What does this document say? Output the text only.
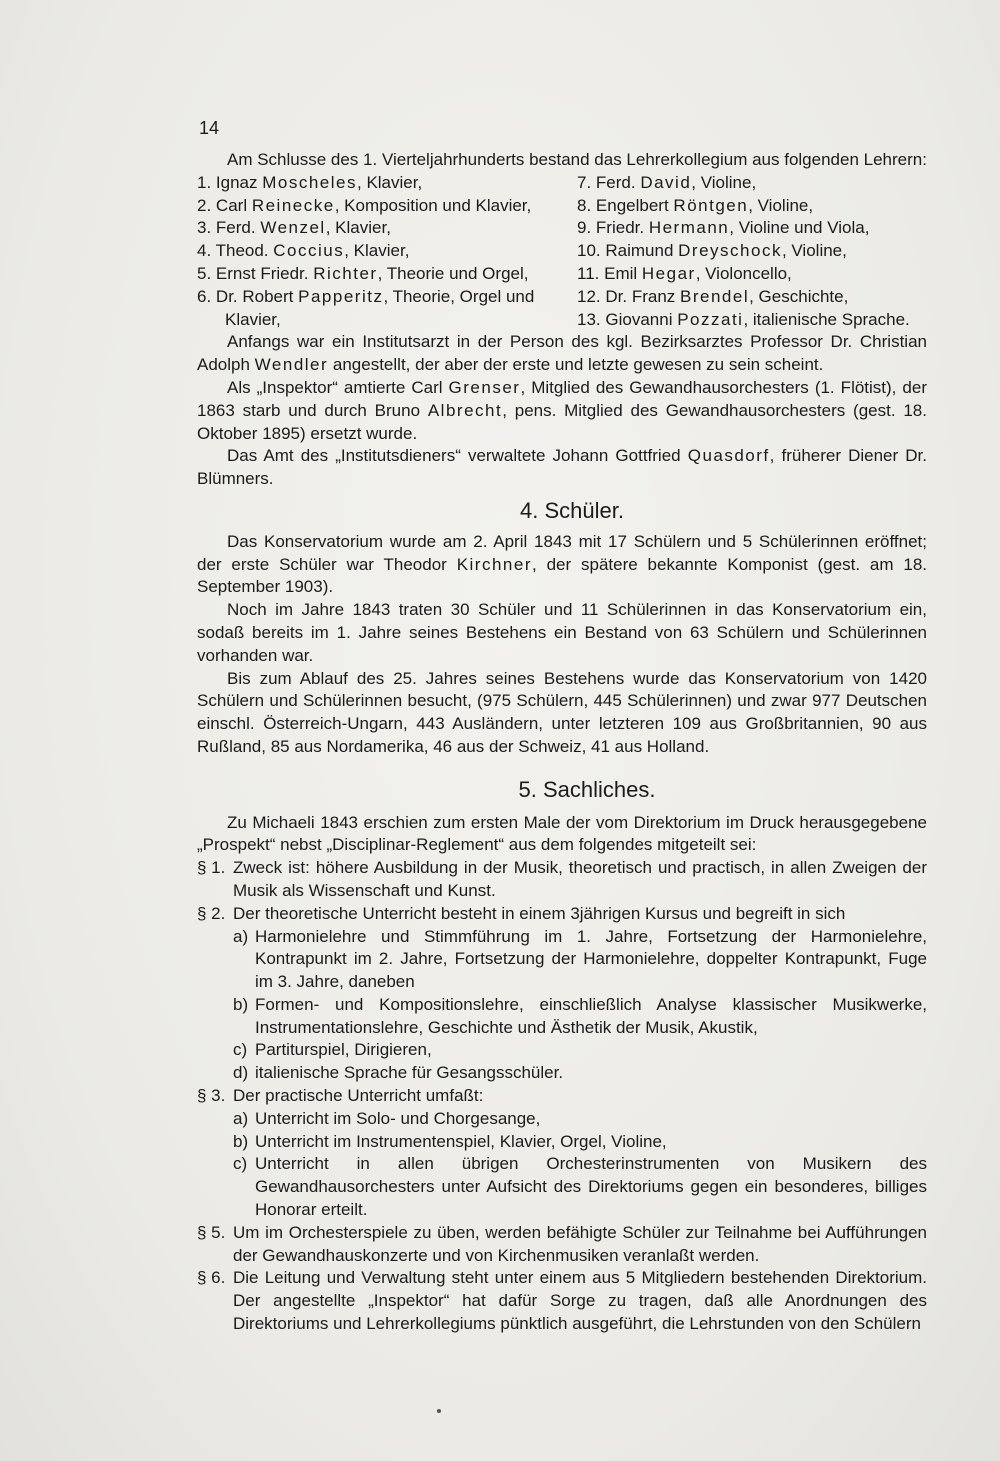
14

Am Schlusse des 1. Vierteljahrhunderts bestand das Lehrerkollegium aus folgenden Lehrern:

1. Ignaz Moscheles, Klavier,	7. Ferd. David, Violine,
2. Carl Reinecke, Komposition und Klavier,	8. Engelbert Röntgen, Violine,
3. Ferd. Wenzel, Klavier,	9. Friedr. Hermann, Violine und Viola,
4. Theod. Coccius, Klavier,	10. Raimund Dreyschock, Violine,
5. Ernst Friedr. Richter, Theorie und Orgel,	11. Emil Hegar, Violoncello,
6. Dr. Robert Papperitz, Theorie, Orgel und	12. Dr. Franz Brendel, Geschichte,
Klavier,	13. Giovanni Pozzati, italienische Sprache.

Anfangs war ein Institutsarzt in der Person des kgl. Bezirksarztes Professor Dr. Christian Adolph Wendler angestellt, der aber der erste und letzte gewesen zu sein scheint.

Als „Inspektor“ amtierte Carl Grenser, Mitglied des Gewandhausorchesters (1. Flötist), der 1863 starb und durch Bruno Albrecht, pens. Mitglied des Gewandhausorchesters (gest. 18. Oktober 1895) ersetzt wurde.

Das Amt des „Institutsdieners“ verwaltete Johann Gottfried Quasdorf, früherer Diener Dr. Blümners.

4. Schüler.

Das Konservatorium wurde am 2. April 1843 mit 17 Schülern und 5 Schülerinnen eröffnet; der erste Schüler war Theodor Kirchner, der spätere bekannte Komponist (gest. am 18. September 1903).

Noch im Jahre 1843 traten 30 Schüler und 11 Schülerinnen in das Konservatorium ein, sodaß bereits im 1. Jahre seines Bestehens ein Bestand von 63 Schülern und Schülerinnen vorhanden war.

Bis zum Ablauf des 25. Jahres seines Bestehens wurde das Konservatorium von 1420 Schülern und Schülerinnen besucht, (975 Schülern, 445 Schülerinnen) und zwar 977 Deutschen einschl. Österreich-Ungarn, 443 Ausländern, unter letzteren 109 aus Großbritannien, 90 aus Rußland, 85 aus Nordamerika, 46 aus der Schweiz, 41 aus Holland.

5. Sachliches.

Zu Michaeli 1843 erschien zum ersten Male der vom Direktorium im Druck herausgegebene „Prospekt“ nebst „Disciplinar-Reglement“ aus dem folgendes mitgeteilt sei:

§ 1. Zweck ist: höhere Ausbildung in der Musik, theoretisch und practisch, in allen Zweigen der Musik als Wissenschaft und Kunst.
§ 2. Der theoretische Unterricht besteht in einem 3jährigen Kursus und begreift in sich
a) Harmonielehre und Stimmführung im 1. Jahre, Fortsetzung der Harmonielehre, Kontrapunkt im 2. Jahre, Fortsetzung der Harmonielehre, doppelter Kontrapunkt, Fuge im 3. Jahre, daneben
b) Formen- und Kompositionslehre, einschließlich Analyse klassischer Musikwerke, Instrumentationslehre, Geschichte und Ästhetik der Musik, Akustik,
c) Partiturspiel, Dirigieren,
d) italienische Sprache für Gesangsschüler.
§ 3. Der practische Unterricht umfaßt:
a) Unterricht im Solo- und Chorgesange,
b) Unterricht im Instrumentenspiel, Klavier, Orgel, Violine,
c) Unterricht in allen übrigen Orchesterinstrumenten von Musikern des Gewandhausorchesters unter Aufsicht des Direktoriums gegen ein besonderes, billiges Honorar erteilt.
§ 5. Um im Orchesterspiele zu üben, werden befähigte Schüler zur Teilnahme bei Aufführungen der Gewandhauskonzerte und von Kirchenmusiken veranlaßt werden.
§ 6. Die Leitung und Verwaltung steht unter einem aus 5 Mitgliedern bestehenden Direktorium. Der angestellte „Inspektor“ hat dafür Sorge zu tragen, daß alle Anordnungen des Direktoriums und Lehrerkollegiums pünktlich ausgeführt, die Lehrstunden von den Schülern
